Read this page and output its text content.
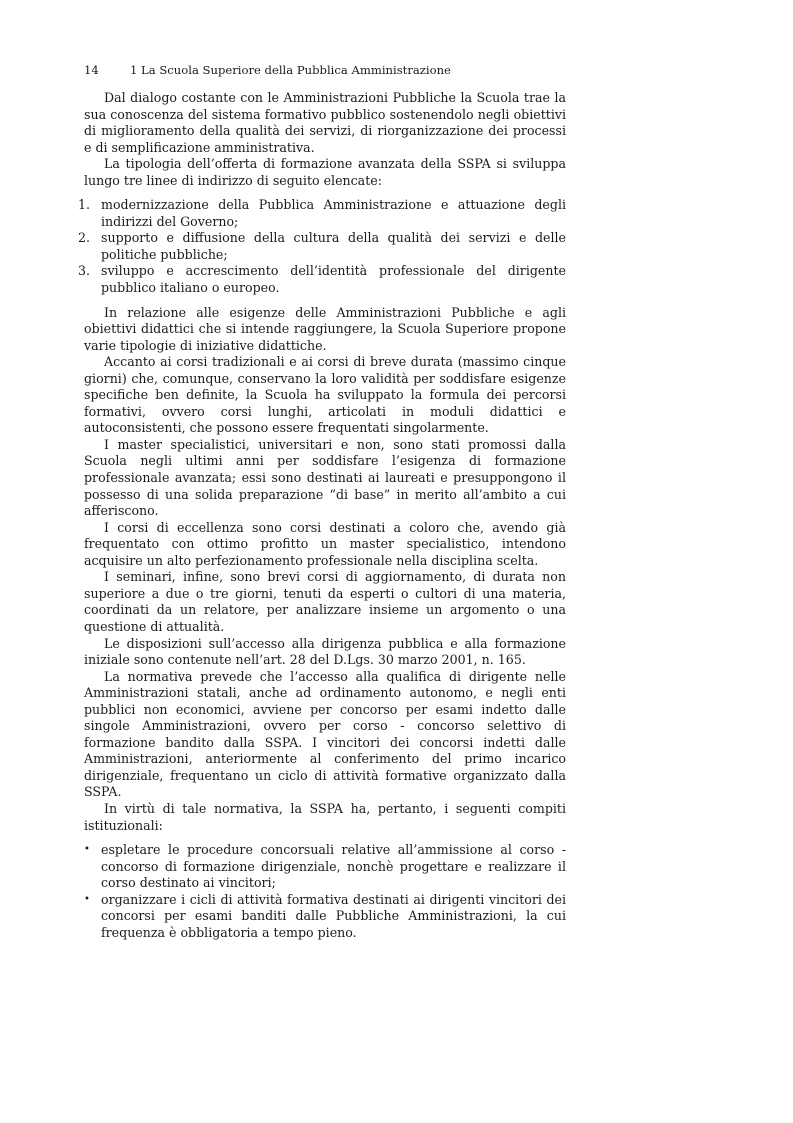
14	1 La Scuola Superiore della Pubblica Amministrazione

Dal dialogo costante con le Amministrazioni Pubbliche la Scuola trae la sua conoscenza del sistema formativo pubblico sostenendolo negli obiettivi di miglioramento della qualità dei servizi, di riorganizzazione dei processi e di semplificazione amministrativa.

La tipologia dell’offerta di formazione avanzata della SSPA si sviluppa lungo tre linee di indirizzo di seguito elencate:

1. modernizzazione della Pubblica Amministrazione e attuazione degli indirizzi del Governo;
2. supporto e diffusione della cultura della qualità dei servizi e delle politiche pubbliche;
3. sviluppo e accrescimento dell’identità professionale del dirigente pubblico italiano o europeo.

In relazione alle esigenze delle Amministrazioni Pubbliche e agli obiettivi didattici che si intende raggiungere, la Scuola Superiore propone varie tipologie di iniziative didattiche.

Accanto ai corsi tradizionali e ai corsi di breve durata (massimo cinque giorni) che, comunque, conservano la loro validità per soddisfare esigenze specifiche ben definite, la Scuola ha sviluppato la formula dei percorsi formativi, ovvero corsi lunghi, articolati in moduli didattici e autoconsistenti, che possono essere frequentati singolarmente.

I master specialistici, universitari e non, sono stati promossi dalla Scuola negli ultimi anni per soddisfare l’esigenza di formazione professionale avanzata; essi sono destinati ai laureati e presuppongono il possesso di una solida preparazione “di base” in merito all’ambito a cui afferiscono.

I corsi di eccellenza sono corsi destinati a coloro che, avendo già frequentato con ottimo profitto un master specialistico, intendono acquisire un alto perfezionamento professionale nella disciplina scelta.

I seminari, infine, sono brevi corsi di aggiornamento, di durata non superiore a due o tre giorni, tenuti da esperti o cultori di una materia, coordinati da un relatore, per analizzare insieme un argomento o una questione di attualità.

Le disposizioni sull’accesso alla dirigenza pubblica e alla formazione iniziale sono contenute nell’art. 28 del D.Lgs. 30 marzo 2001, n. 165.

La normativa prevede che l’accesso alla qualifica di dirigente nelle Amministrazioni statali, anche ad ordinamento autonomo, e negli enti pubblici non economici, avviene per concorso per esami indetto dalle singole Amministrazioni, ovvero per corso - concorso selettivo di formazione bandito dalla SSPA. I vincitori dei concorsi indetti dalle Amministrazioni, anteriormente al conferimento del primo incarico dirigenziale, frequentano un ciclo di attività formative organizzato dalla SSPA.

In virtù di tale normativa, la SSPA ha, pertanto, i seguenti compiti istituzionali:

• espletare le procedure concorsuali relative all’ammissione al corso - concorso di formazione dirigenziale, nonchè progettare e realizzare il corso destinato ai vincitori;
• organizzare i cicli di attività formativa destinati ai dirigenti vincitori dei concorsi per esami banditi dalle Pubbliche Amministrazioni, la cui frequenza è obbligatoria a tempo pieno.
